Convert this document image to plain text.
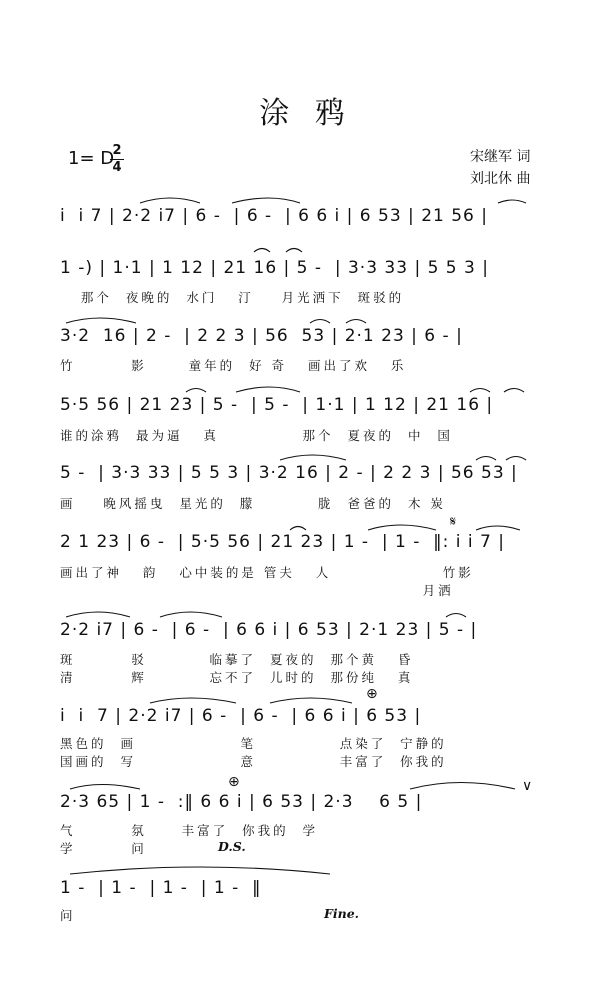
涂 鸦
1= D
2
4
宋继军 词
刘北休 曲
i  i 7 | 2·2 i7 | 6 -  | 6 -  | 6 6 i | 6 53 | 21 56 |
1 -) | 1·1 | 1 12 | 21 16 | 5 -  | 3·3 33 | 5 5 3 |
那个  夜晚的  水门   汀    月光洒下  斑驳的
3·2  16 | 2 -  | 2 2 3 | 56  53 | 2·1 23 | 6 - |
竹        影      童年的  好 奇   画出了欢   乐
5·5 56 | 21 23 | 5 -  | 5 -  | 1·1 | 1 12 | 21 16 |
谁的涂鸦  最为逼   真            那个  夏夜的  中  国
5 -  | 3·3 33 | 5 5 3 | 3·2 16 | 2 - | 2 2 3 | 56 53 |
画    晚风摇曳  星光的  朦         胧  爸爸的  木 炭
2 1 23 | 6 -  | 5·5 56 | 21 23 | 1 -  | 1 -  ‖: i i 7 |
画出了神   韵   心中装的是 管夫   人                竹影
月洒
2·2 i7 | 6 -  | 6 -  | 6 6 i | 6 53 | 2·1 23 | 5 - |
斑        驳         临摹了  夏夜的  那个黄   昏
清        辉         忘不了  儿时的  那份纯   真
i  i  7 | 2·2 i7 | 6 -  | 6 -  | 6 6 i | 6 53 |
黑色的  画               笔            点染了  宁静的
国画的  写               意            丰富了  你我的
2·3 65 | 1 -  :‖ 6 6 i | 6 53 | 2·3    6 5 |
气        氛     丰富了  你我的  学
学        问	D.S.
1 -  | 1 -  | 1 -  | 1 -  ‖
问	Fine.
𝄋
⊕
⊕	∨
